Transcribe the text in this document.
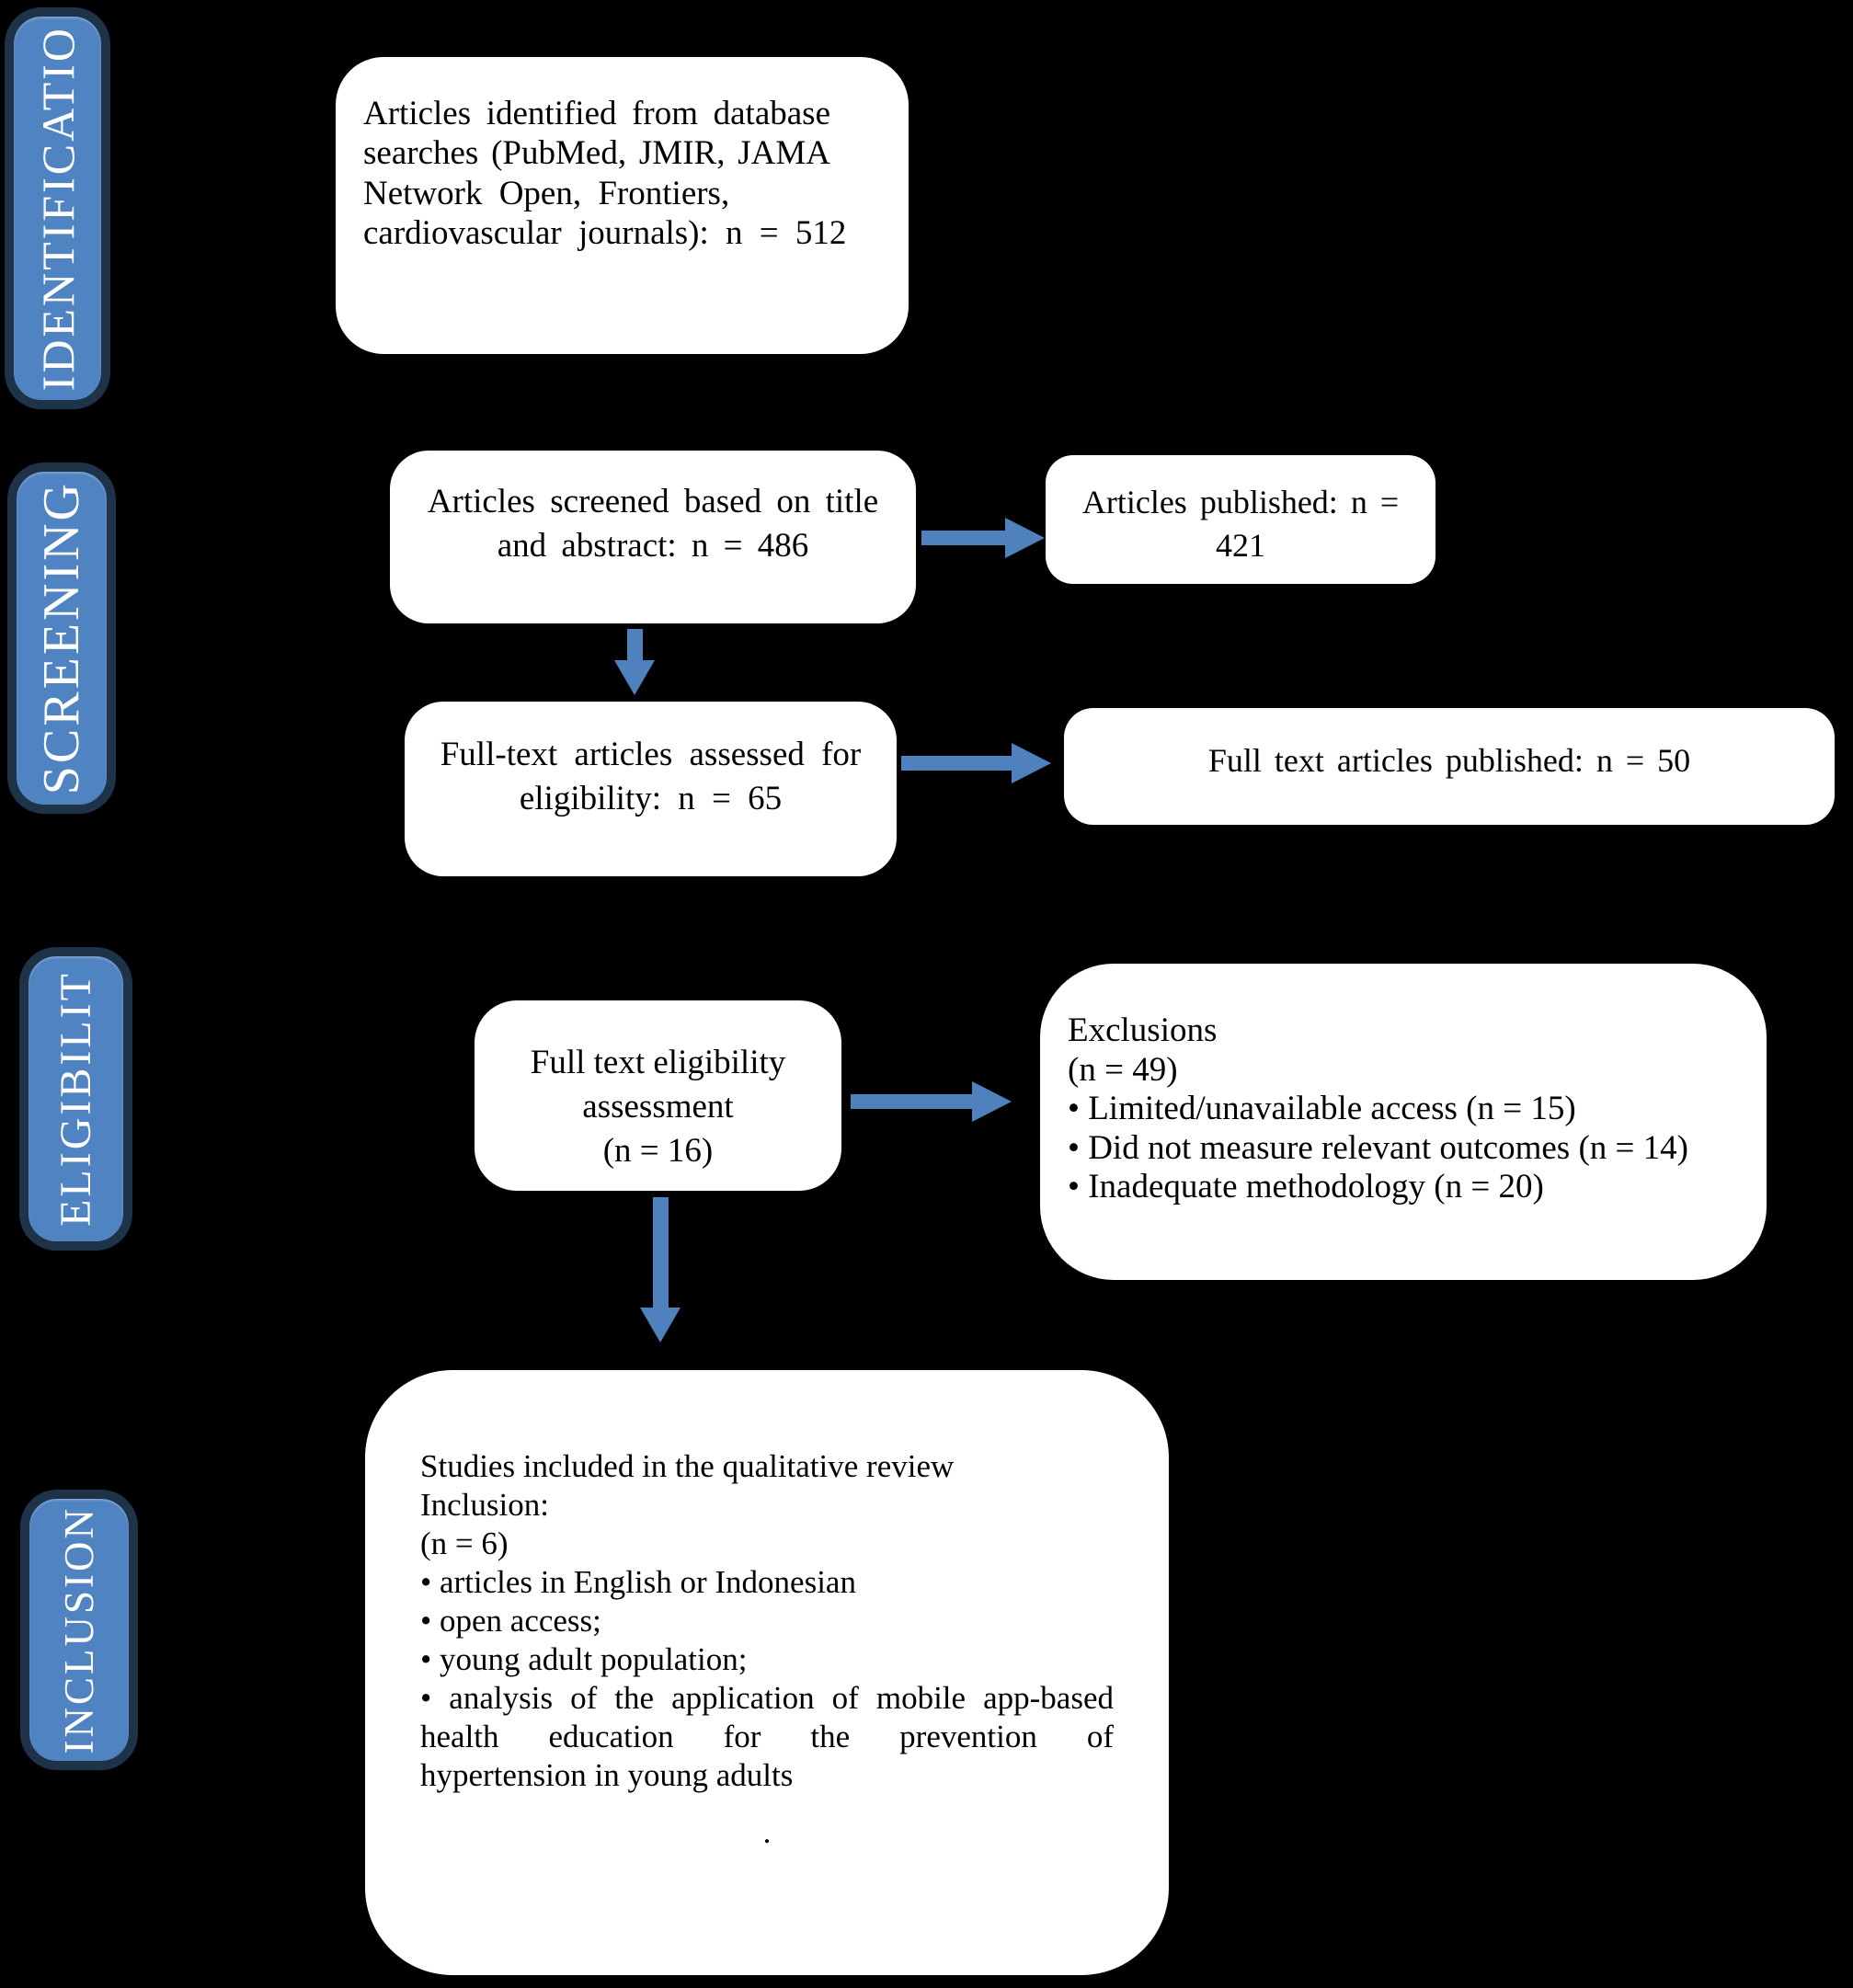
IDENTIFICATIO
SCREENING
ELIGIBILIT
INCLUSION
Articles identified from database
searches (PubMed, JMIR, JAMA
Network Open, Frontiers,
cardiovascular journals): n = 512
Articles screened based on title
and abstract: n = 486
Articles published: n =
421
Full-text articles assessed for
eligibility: n = 65
Full text articles published: n = 50
Full text eligibility
assessment
(n = 16)
Exclusions
(n = 49)
• Limited/unavailable access (n = 15)
• Did not measure relevant outcomes (n = 14)
• Inadequate methodology (n = 20)
Studies included in the qualitative review
Inclusion:
(n = 6)
• articles in English or Indonesian
• open access;
• young adult population;
• analysis of the application of mobile app-based
health education for the prevention of
hypertension in young adults
.
